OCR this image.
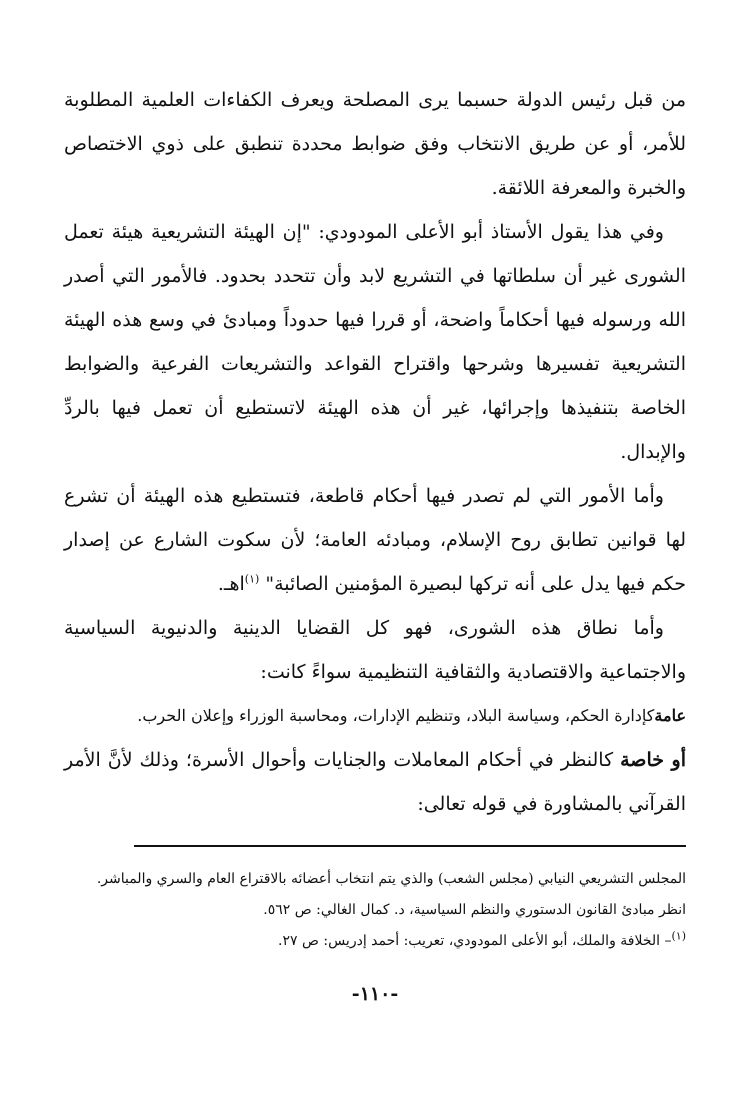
من قبل رئيس الدولة حسبما يرى المصلحة ويعرف الكفاءات العلمية المطلوبة للأمر، أو عن طريق الانتخاب وفق ضوابط محددة تنطبق على ذوي الاختصاص والخبرة والمعرفة اللائقة.

وفي هذا يقول الأستاذ أبو الأعلى المودودي: "إن الهيئة التشريعية هيئة تعمل الشورى غير أن سلطاتها في التشريع لابد وأن تتحدد بحدود. فالأمور التي أصدر الله ورسوله فيها أحكاماً واضحة، أو قررا فيها حدوداً ومبادئ في وسع هذه الهيئة التشريعية تفسيرها وشرحها واقتراح القواعد والتشريعات الفرعية والضوابط الخاصة بتنفيذها وإجرائها، غير أن هذه الهيئة لاتستطيع أن تعمل فيها بالردِّ والإبدال.

وأما الأمور التي لم تصدر فيها أحكام قاطعة، فتستطيع هذه الهيئة أن تشرع لها قوانين تطابق روح الإسلام، ومبادئه العامة؛ لأن سكوت الشارع عن إصدار حكم فيها يدل على أنه تركها لبصيرة المؤمنين الصائبة" $^{(١)}$اهـ.

وأما نطاق هذه الشورى، فهو كل القضايا الدينية والدنيوية السياسية والاجتماعية والاقتصادية والثقافية التنظيمية سواءً كانت:

عامةكإدارة الحكم، وسياسة البلاد، وتنظيم الإدارات، ومحاسبة الوزراء وإعلان الحرب.

أو خاصة كالنظر في أحكام المعاملات والجنايات وأحوال الأسرة؛ وذلك لأنَّ الأمر القرآني بالمشاورة في قوله تعالى:

المجلس التشريعي النيابي (مجلس الشعب) والذي يتم انتخاب أعضائه بالاقتراع العام والسري والمباشر.
انظر مبادئ القانون الدستوري والنظم السياسية، د. كمال الغالي: ص ٥٦٢.
$^{(١)}$– الخلافة والملك، أبو الأعلى المودودي، تعريب: أحمد إدريس: ص ٢٧.
-١١٠-
